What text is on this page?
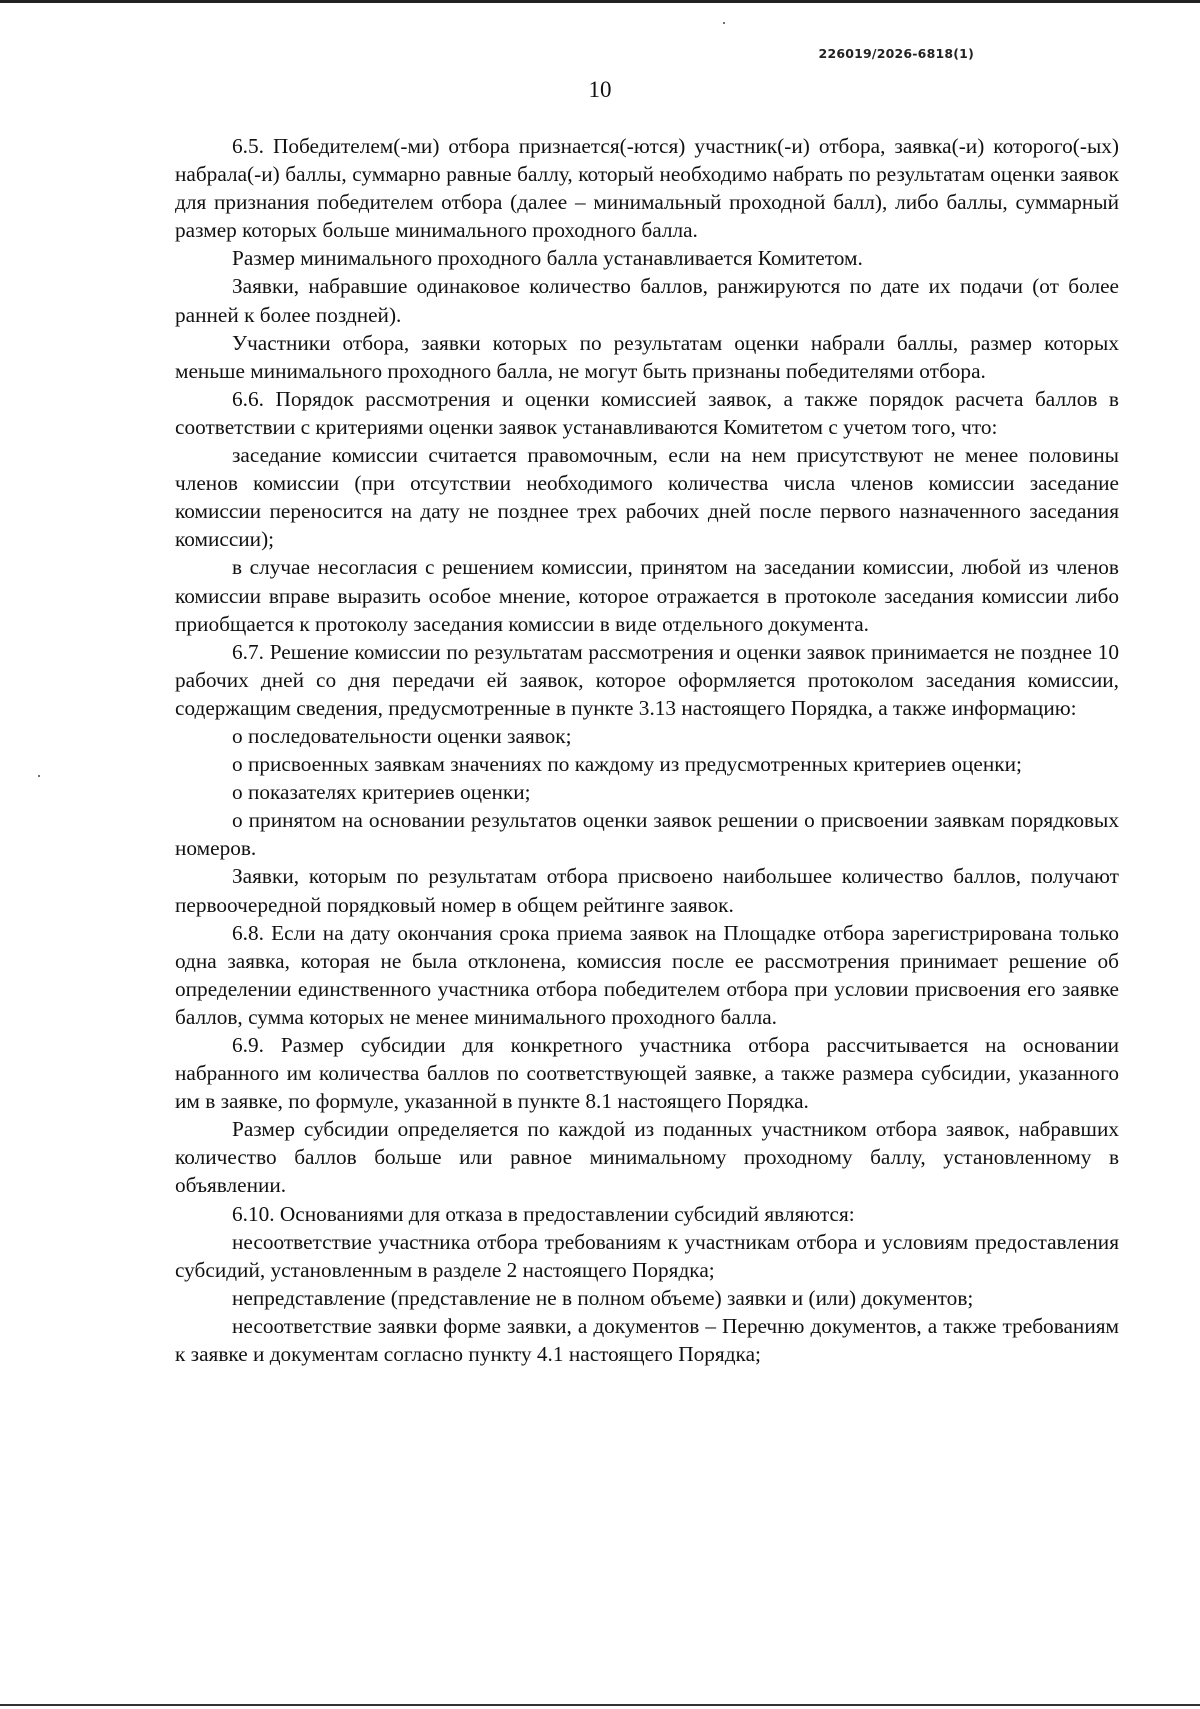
226019/2026-6818(1)
10

6.5. Победителем(-ми) отбора признается(-ются) участник(-и) отбора, заявка(-и) которого(-ых) набрала(-и) баллы, суммарно равные баллу, который необходимо набрать по результатам оценки заявок для признания победителем отбора (далее – минимальный проходной балл), либо баллы, суммарный размер которых больше минимального проходного балла.

Размер минимального проходного балла устанавливается Комитетом.

Заявки, набравшие одинаковое количество баллов, ранжируются по дате их подачи (от более ранней к более поздней).

Участники отбора, заявки которых по результатам оценки набрали баллы, размер которых меньше минимального проходного балла, не могут быть признаны победителями отбора.

6.6. Порядок рассмотрения и оценки комиссией заявок, а также порядок расчета баллов в соответствии с критериями оценки заявок устанавливаются Комитетом с учетом того, что:

заседание комиссии считается правомочным, если на нем присутствуют не менее половины членов комиссии (при отсутствии необходимого количества числа членов комиссии заседание комиссии переносится на дату не позднее трех рабочих дней после первого назначенного заседания комиссии);

в случае несогласия с решением комиссии, принятом на заседании комиссии, любой из членов комиссии вправе выразить особое мнение, которое отражается в протоколе заседания комиссии либо приобщается к протоколу заседания комиссии в виде отдельного документа.

6.7. Решение комиссии по результатам рассмотрения и оценки заявок принимается не позднее 10 рабочих дней со дня передачи ей заявок, которое оформляется протоколом заседания комиссии, содержащим сведения, предусмотренные в пункте 3.13 настоящего Порядка, а также информацию:

о последовательности оценки заявок;

о присвоенных заявкам значениях по каждому из предусмотренных критериев оценки;

о показателях критериев оценки;

о принятом на основании результатов оценки заявок решении о присвоении заявкам порядковых номеров.

Заявки, которым по результатам отбора присвоено наибольшее количество баллов, получают первоочередной порядковый номер в общем рейтинге заявок.

6.8. Если на дату окончания срока приема заявок на Площадке отбора зарегистрирована только одна заявка, которая не была отклонена, комиссия после ее рассмотрения принимает решение об определении единственного участника отбора победителем отбора при условии присвоения его заявке баллов, сумма которых не менее минимального проходного балла.

6.9. Размер субсидии для конкретного участника отбора рассчитывается на основании набранного им количества баллов по соответствующей заявке, а также размера субсидии, указанного им в заявке, по формуле, указанной в пункте 8.1 настоящего Порядка.

Размер субсидии определяется по каждой из поданных участником отбора заявок, набравших количество баллов больше или равное минимальному проходному баллу, установленному в объявлении.

6.10. Основаниями для отказа в предоставлении субсидий являются:

несоответствие участника отбора требованиям к участникам отбора и условиям предоставления субсидий, установленным в разделе 2 настоящего Порядка;

непредставление (представление не в полном объеме) заявки и (или) документов;

несоответствие заявки форме заявки, а документов – Перечню документов, а также требованиям к заявке и документам согласно пункту 4.1 настоящего Порядка;
